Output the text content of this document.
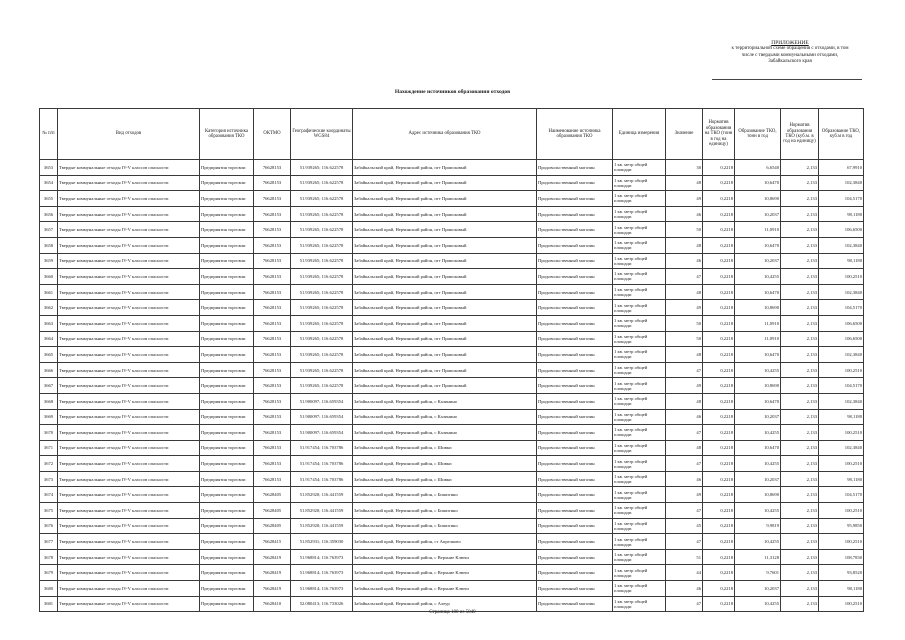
ПРИЛОЖЕНИЕ
к территориальной схеме обращения с отходами, в том
числе с твердыми коммунальными отходами,
Забайкальского края
Нахождение источников образования отходов
№ п/п	Вид отходов	Категория источника образования ТКО	ОКТМО	Географические координаты WGS84	Адрес источника образования ТКО	Наименование источника образования ТКО	Единица измерения	Значение	Норматив образования на ТКО (тонн в год на единицу)	Образование ТКО, тонн в год	Норматив образования ТКО (куб.м. в год на единицу)	Образование ТКО, куб.м в год
3653	Твердые коммунальные отходы IV-V классов опасности	Предприятия торговли	76628153	51.939265; 116.622578	Забайкальский край, Нерчинский район, пгт Приисковый	Продовольственный магазин	1 кв. метр общей площади	30	0,2218	6,6540	2,133	67,9910
3654	Твердые коммунальные отходы IV-V классов опасности	Предприятия торговли	76628153	51.939265; 116.622578	Забайкальский край, Нерчинский район, пгт Приисковый	Продовольственный магазин	1 кв. метр общей площади	48	0,2218	10,6470	2,133	102,3840
3655	Твердые коммунальные отходы IV-V классов опасности	Предприятия торговли	76628153	51.939265; 116.622578	Забайкальский край, Нерчинский район, пгт Приисковый	Продовольственный магазин	1 кв. метр общей площади	49	0,2218	10,8690	2,133	104,5170
3656	Твердые коммунальные отходы IV-V классов опасности	Предприятия торговли	76628153	51.939265; 116.622578	Забайкальский край, Нерчинский район, пгт Приисковый	Продовольственный магазин	1 кв. метр общей площади	46	0,2218	10,2037	2,133	98,1180
3657	Твердые коммунальные отходы IV-V классов опасности	Предприятия торговли	76628153	51.939265; 116.622578	Забайкальский край, Нерчинский район, пгт Приисковый	Продовольственный магазин	1 кв. метр общей площади	50	0,2218	11,0910	2,133	106,6500
3658	Твердые коммунальные отходы IV-V классов опасности	Предприятия торговли	76628153	51.939265; 116.622578	Забайкальский край, Нерчинский район, пгт Приисковый	Продовольственный магазин	1 кв. метр общей площади	48	0,2218	10,6470	2,133	102,3840
3659	Твердые коммунальные отходы IV-V классов опасности	Предприятия торговли	76628153	51.939265; 116.622578	Забайкальский край, Нерчинский район, пгт Приисковый	Продовольственный магазин	1 кв. метр общей площади	46	0,2218	10,2037	2,133	98,1180
3660	Твердые коммунальные отходы IV-V классов опасности	Предприятия торговли	76628153	51.939265; 116.622578	Забайкальский край, Нерчинский район, пгт Приисковый	Продовольственный магазин	1 кв. метр общей площади	47	0,2218	10,4255	2,133	100,2510
3661	Твердые коммунальные отходы IV-V классов опасности	Предприятия торговли	76628153	51.939265; 116.622578	Забайкальский край, Нерчинский район, пгт Приисковый	Продовольственный магазин	1 кв. метр общей площади	48	0,2218	10,6470	2,133	102,3840
3662	Твердые коммунальные отходы IV-V классов опасности	Предприятия торговли	76628153	51.939265; 116.622578	Забайкальский край, Нерчинский район, пгт Приисковый	Продовольственный магазин	1 кв. метр общей площади	49	0,2218	10,8690	2,133	104,5170
3663	Твердые коммунальные отходы IV-V классов опасности	Предприятия торговли	76628153	51.939265; 116.622578	Забайкальский край, Нерчинский район, пгт Приисковый	Продовольственный магазин	1 кв. метр общей площади	50	0,2218	11,0910	2,133	106,6500
3664	Твердые коммунальные отходы IV-V классов опасности	Предприятия торговли	76628153	51.939265; 116.622578	Забайкальский край, Нерчинский район, пгт Приисковый	Продовольственный магазин	1 кв. метр общей площади	50	0,2218	11,0910	2,133	106,6500
3665	Твердые коммунальные отходы IV-V классов опасности	Предприятия торговли	76628153	51.939265; 116.622578	Забайкальский край, Нерчинский район, пгт Приисковый	Продовольственный магазин	1 кв. метр общей площади	48	0,2218	10,6470	2,133	102,3840
3666	Твердые коммунальные отходы IV-V классов опасности	Предприятия торговли	76628153	51.939265; 116.622578	Забайкальский край, Нерчинский район, пгт Приисковый	Продовольственный магазин	1 кв. метр общей площади	47	0,2218	10,4255	2,133	100,2510
3667	Твердые коммунальные отходы IV-V классов опасности	Предприятия торговли	76628153	51.939265; 116.622578	Забайкальский край, Нерчинский район, пгт Приисковый	Продовольственный магазин	1 кв. метр общей площади	49	0,2218	10,8690	2,133	104,5170
3668	Твердые коммунальные отходы IV-V классов опасности	Предприятия торговли	76628153	51.900097; 116.659354	Забайкальский край, Нерчинский район, с Калинино	Продовольственный магазин	1 кв. метр общей площади	48	0,2218	10,6470	2,133	102,3840
3669	Твердые коммунальные отходы IV-V классов опасности	Предприятия торговли	76628153	51.900097; 116.659354	Забайкальский край, Нерчинский район, с Калинино	Продовольственный магазин	1 кв. метр общей площади	46	0,2218	10,2037	2,133	98,1180
3670	Твердые коммунальные отходы IV-V классов опасности	Предприятия торговли	76628153	51.900097; 116.659354	Забайкальский край, Нерчинский район, с Калинино	Продовольственный магазин	1 кв. метр общей площади	47	0,2218	10,4255	2,133	100,2510
3671	Твердые коммунальные отходы IV-V классов опасности	Предприятия торговли	76628153	51.917454; 116.703786	Забайкальский край, Нерчинский район, с Шивки	Продовольственный магазин	1 кв. метр общей площади	48	0,2218	10,6470	2,133	102,3840
3672	Твердые коммунальные отходы IV-V классов опасности	Предприятия торговли	76628153	51.917454; 116.703786	Забайкальский край, Нерчинский район, с Шивки	Продовольственный магазин	1 кв. метр общей площади	47	0,2218	10,4255	2,133	100,2510
3673	Твердые коммунальные отходы IV-V классов опасности	Предприятия торговли	76628153	51.917454; 116.703786	Забайкальский край, Нерчинский район, с Шивки	Продовольственный магазин	1 кв. метр общей площади	46	0,2218	10,2037	2,133	98,1180
3674	Твердые коммунальные отходы IV-V классов опасности	Предприятия торговли	76628405	51.852920; 116.441559	Забайкальский край, Нерчинский район, с Бишигино	Продовольственный магазин	1 кв. метр общей площади	49	0,2218	10,8690	2,133	104,5170
3675	Твердые коммунальные отходы IV-V классов опасности	Предприятия торговли	76628405	51.852920; 116.441559	Забайкальский край, Нерчинский район, с Бишигино	Продовольственный магазин	1 кв. метр общей площади	47	0,2218	10,4255	2,133	100,2510
3676	Твердые коммунальные отходы IV-V классов опасности	Предприятия торговли	76628405	51.852920; 116.441559	Забайкальский край, Нерчинский район, с Бишигино	Продовольственный магазин	1 кв. метр общей площади	45	0,2218	9,9819	2,133	95,9850
3677	Твердые коммунальные отходы IV-V классов опасности	Предприятия торговли	76628415	51.852931; 116.359030	Забайкальский край, Нерчинский район, ст Апрелково	Продовольственный магазин	1 кв. метр общей площади	47	0,2218	10,4255	2,133	100,2510
3678	Твердые коммунальные отходы IV-V классов опасности	Предприятия торговли	76628419	51.968814; 116.763973	Забайкальский край, Нерчинский район, с Верхние Ключи	Продовольственный магазин	1 кв. метр общей площади	51	0,2218	11,3128	2,133	108,7830
3679	Твердые коммунальные отходы IV-V классов опасности	Предприятия торговли	76628419	51.968814; 116.763973	Забайкальский край, Нерчинский район, с Верхние Ключи	Продовольственный магазин	1 кв. метр общей площади	44	0,2218	9,7601	2,133	93,8520
3680	Твердые коммунальные отходы IV-V классов опасности	Предприятия торговли	76628419	51.968814; 116.763973	Забайкальский край, Нерчинский район, с Верхние Ключи	Продовольственный магазин	1 кв. метр общей площади	46	0,2218	10,2037	2,133	98,1180
3681	Твердые коммунальные отходы IV-V классов опасности	Предприятия торговли	76628410	52.080413; 116.733026	Забайкальский край, Нерчинский район, с Алеур	Продовольственный магазин	1 кв. метр общей площади	47	0,2218	10,4255	2,133	100,2510
Страница 180 из 5049
